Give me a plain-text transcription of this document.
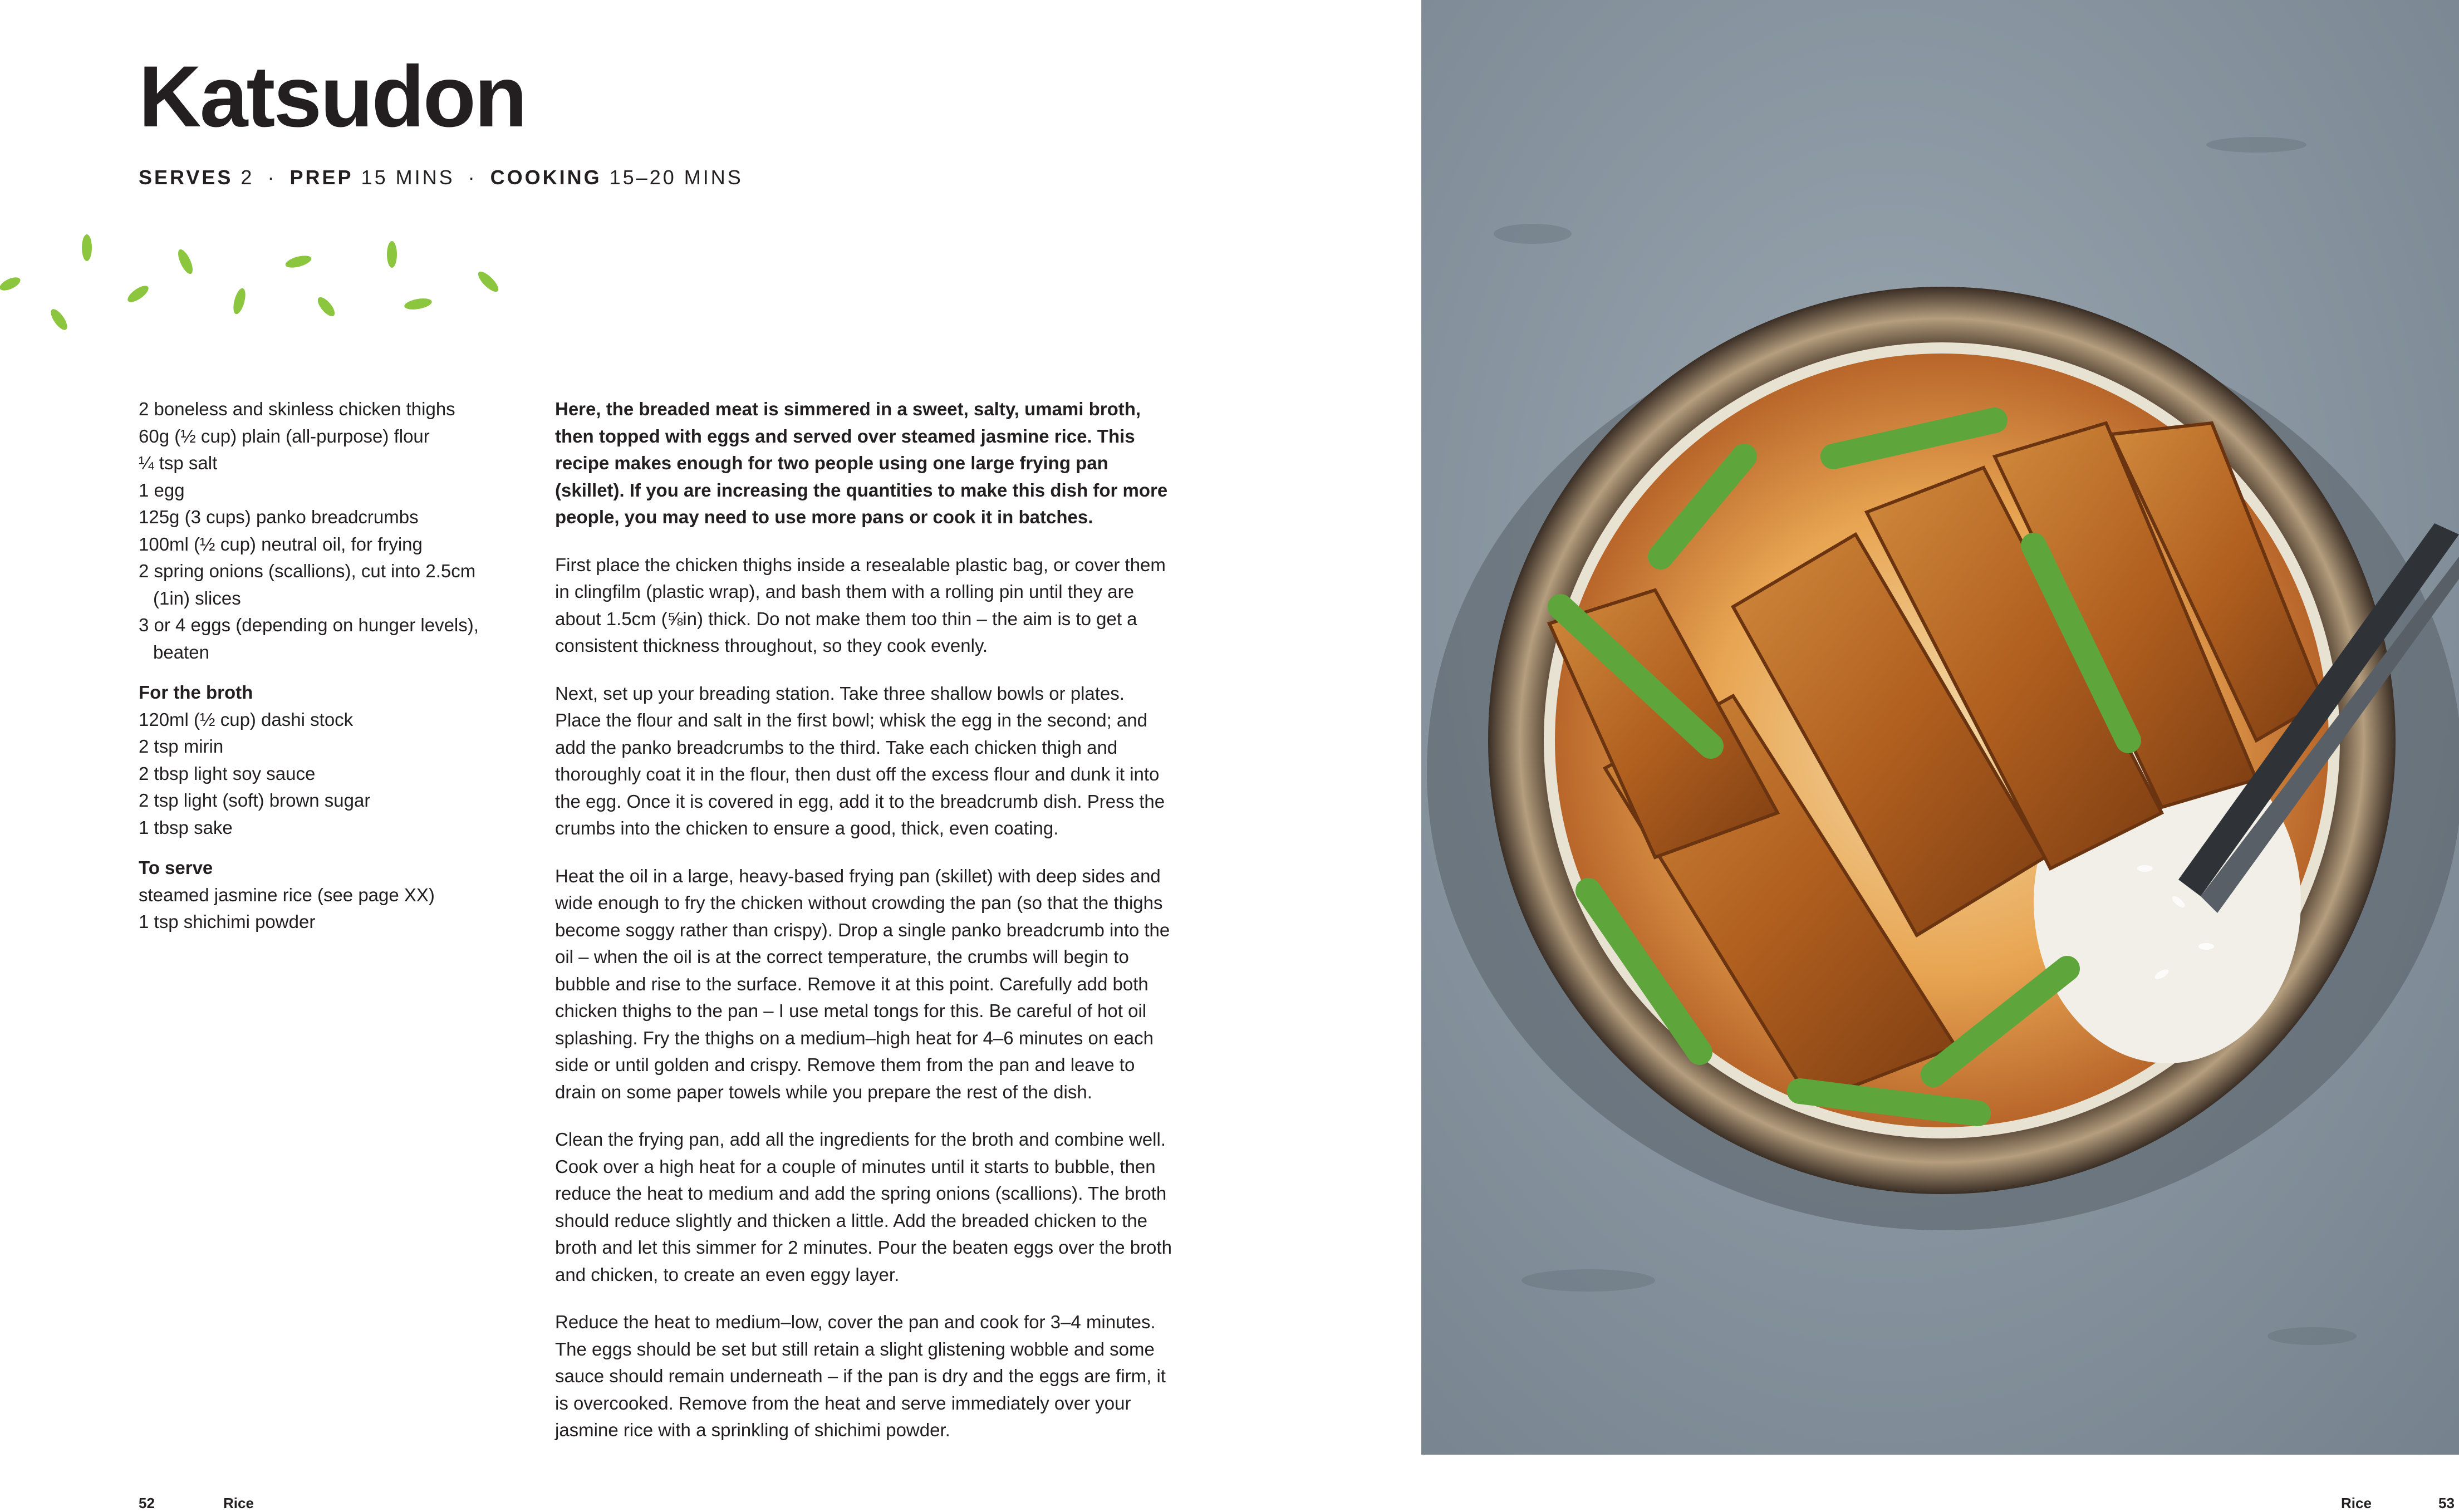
Katsudon

SERVES 2 · PREP 15 MINS · COOKING 15–20 MINS

2 boneless and skinless chicken thighs
60g (½ cup) plain (all-purpose) flour
¼ tsp salt
1 egg
125g (3 cups) panko breadcrumbs
100ml (½ cup) neutral oil, for frying
2 spring onions (scallions), cut into 2.5cm (1in) slices
3 or 4 eggs (depending on hunger levels), beaten
For the broth
120ml (½ cup) dashi stock
2 tsp mirin
2 tbsp light soy sauce
2 tsp light (soft) brown sugar
1 tbsp sake
To serve
steamed jasmine rice (see page XX)
1 tsp shichimi powder

Here, the breaded meat is simmered in a sweet, salty, umami broth, then topped with eggs and served over steamed jasmine rice. This recipe makes enough for two people using one large frying pan (skillet). If you are increasing the quantities to make this dish for more people, you may need to use more pans or cook it in batches.

First place the chicken thighs inside a resealable plastic bag, or cover them in clingfilm (plastic wrap), and bash them with a rolling pin until they are about 1.5cm (⅝in) thick. Do not make them too thin – the aim is to get a consistent thickness throughout, so they cook evenly.

Next, set up your breading station. Take three shallow bowls or plates. Place the flour and salt in the first bowl; whisk the egg in the second; and add the panko breadcrumbs to the third. Take each chicken thigh and thoroughly coat it in the flour, then dust off the excess flour and dunk it into the egg. Once it is covered in egg, add it to the breadcrumb dish. Press the crumbs into the chicken to ensure a good, thick, even coating.

Heat the oil in a large, heavy-based frying pan (skillet) with deep sides and wide enough to fry the chicken without crowding the pan (so that the thighs become soggy rather than crispy). Drop a single panko breadcrumb into the oil – when the oil is at the correct temperature, the crumbs will begin to bubble and rise to the surface. Remove it at this point. Carefully add both chicken thighs to the pan – I use metal tongs for this. Be careful of hot oil splashing. Fry the thighs on a medium–high heat for 4–6 minutes on each side or until golden and crispy. Remove them from the pan and leave to drain on some paper towels while you prepare the rest of the dish.

Clean the frying pan, add all the ingredients for the broth and combine well. Cook over a high heat for a couple of minutes until it starts to bubble, then reduce the heat to medium and add the spring onions (scallions). The broth should reduce slightly and thicken a little. Add the breaded chicken to the broth and let this simmer for 2 minutes. Pour the beaten eggs over the broth and chicken, to create an even eggy layer.

Reduce the heat to medium–low, cover the pan and cook for 3–4 minutes. The eggs should be set but still retain a slight glistening wobble and some sauce should remain underneath – if the pan is dry and the eggs are firm, it is overcooked. Remove from the heat and serve immediately over your jasmine rice with a sprinkling of shichimi powder.

52	Rice	Rice	53
